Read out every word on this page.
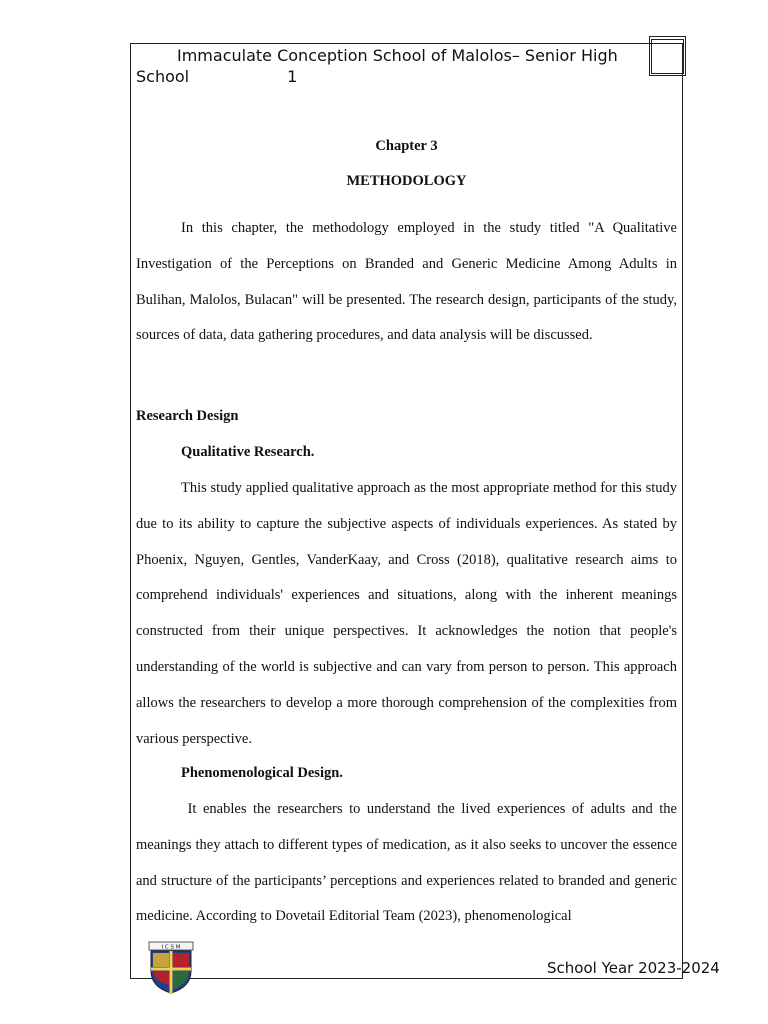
Immaculate Conception School of Malolos– Senior High
School	1
Chapter 3
METHODOLOGY

In this chapter, the methodology employed in the study titled "A Qualitative Investigation of the Perceptions on Branded and Generic Medicine Among Adults in Bulihan, Malolos, Bulacan" will be presented. The research design, participants of the study, sources of data, data gathering procedures, and data analysis will be discussed.

Research Design
Qualitative Research.

This study applied qualitative approach as the most appropriate method for this study due to its ability to capture the subjective aspects of individuals experiences. As stated by Phoenix, Nguyen, Gentles, VanderKaay, and Cross (2018), qualitative research aims to comprehend individuals' experiences and situations, along with the inherent meanings constructed from their unique perspectives. It acknowledges the notion that people's understanding of the world is subjective and can vary from person to person. This approach allows the researchers to develop a more thorough comprehension of the complexities from various perspective.

Phenomenological Design.

It enables the researchers to understand the lived experiences of adults and the meanings they attach to different types of medication, as it also seeks to uncover the essence and structure of the participants’ perceptions and experiences related to branded and generic medicine. According to Dovetail Editorial Team (2023), phenomenological

I C S M
School Year 2023-2024
